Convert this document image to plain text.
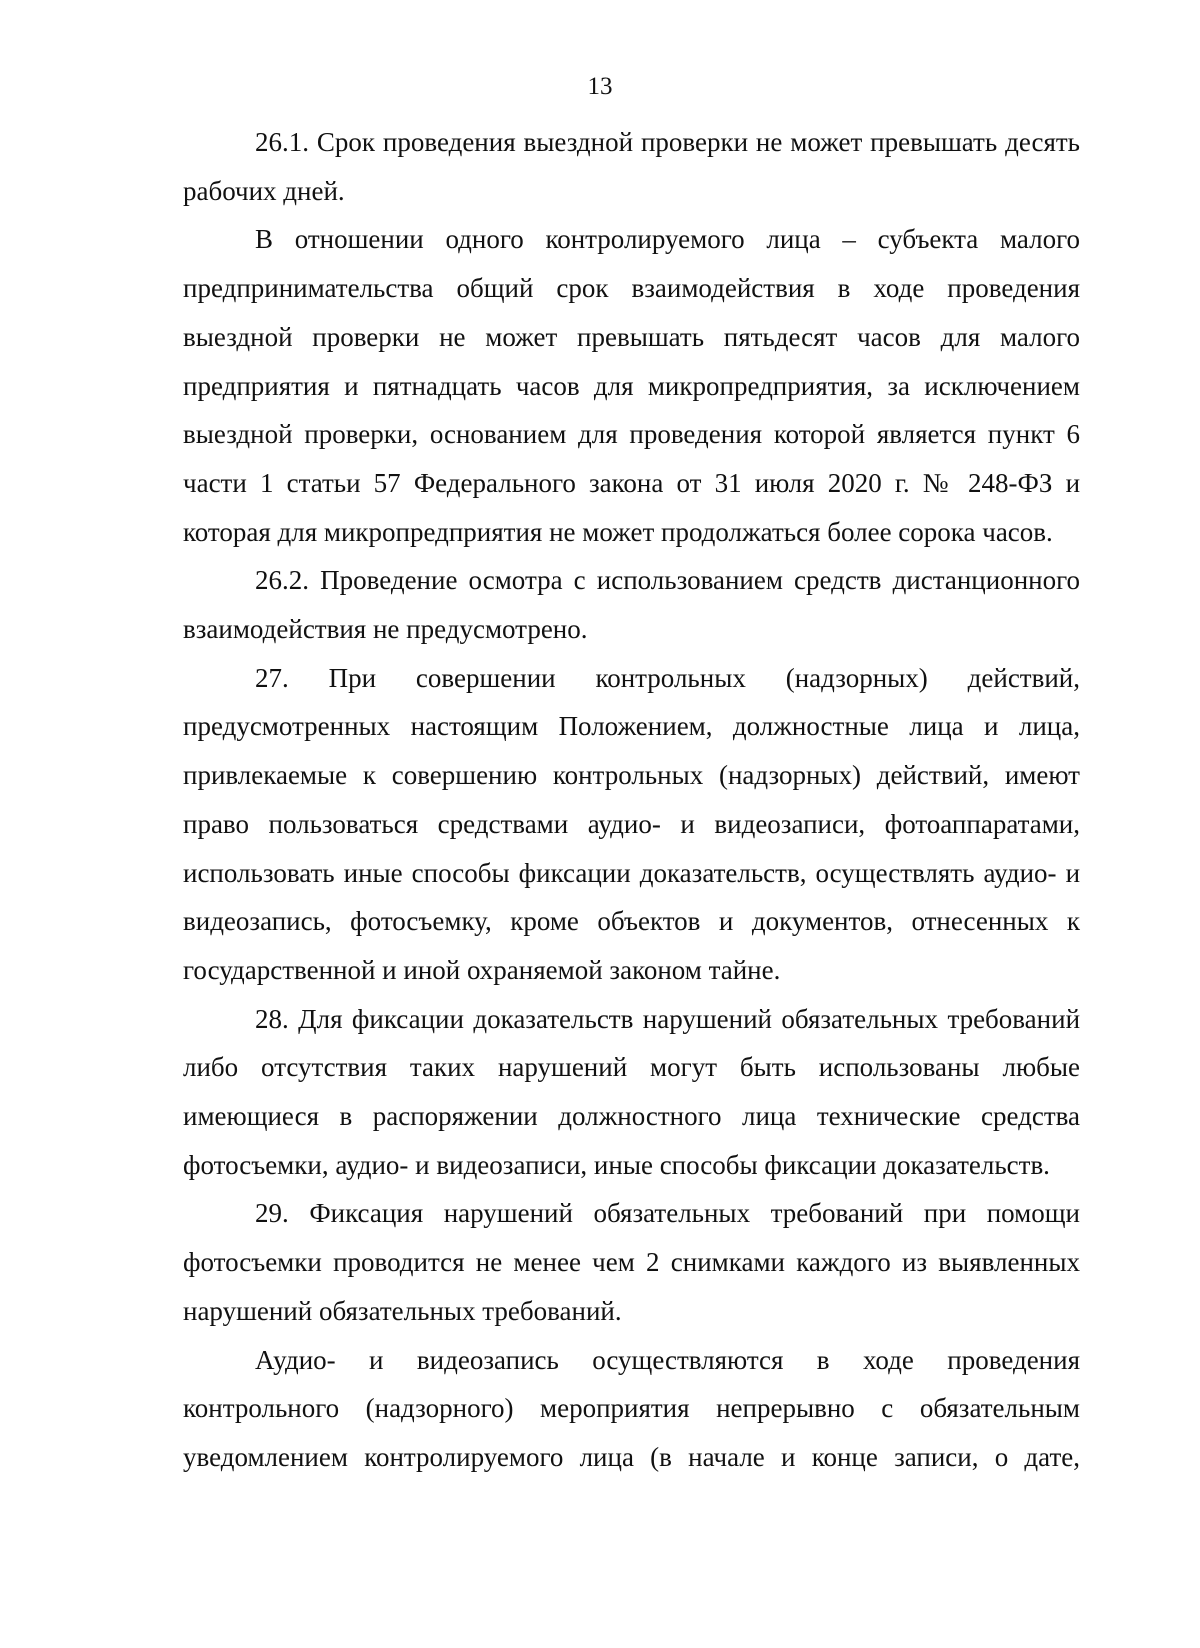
13

26.1. Срок проведения выездной проверки не может превышать десять рабочих дней.

В отношении одного контролируемого лица – субъекта малого предпринимательства общий срок взаимодействия в ходе проведения выездной проверки не может превышать пятьдесят часов для малого предприятия и пятнадцать часов для микропредприятия, за исключением выездной проверки, основанием для проведения которой является пункт 6 части 1 статьи 57 Федерального закона от 31 июля 2020 г. № 248-ФЗ и которая для микропредприятия не может продолжаться более сорока часов.

26.2. Проведение осмотра с использованием средств дистанционного взаимодействия не предусмотрено.

27. При совершении контрольных (надзорных) действий, предусмотренных настоящим Положением, должностные лица и лица, привлекаемые к совершению контрольных (надзорных) действий, имеют право пользоваться средствами аудио- и видеозаписи, фотоаппаратами, использовать иные способы фиксации доказательств, осуществлять аудио- и видеозапись, фотосъемку, кроме объектов и документов, отнесенных к государственной и иной охраняемой законом тайне.

28. Для фиксации доказательств нарушений обязательных требований либо отсутствия таких нарушений могут быть использованы любые имеющиеся в распоряжении должностного лица технические средства фотосъемки, аудио- и видеозаписи, иные способы фиксации доказательств.

29. Фиксация нарушений обязательных требований при помощи фотосъемки проводится не менее чем 2 снимками каждого из выявленных нарушений обязательных требований.

Аудио- и видеозапись осуществляются в ходе проведения контрольного (надзорного) мероприятия непрерывно с обязательным уведомлением контролируемого лица (в начале и конце записи, о дате,
